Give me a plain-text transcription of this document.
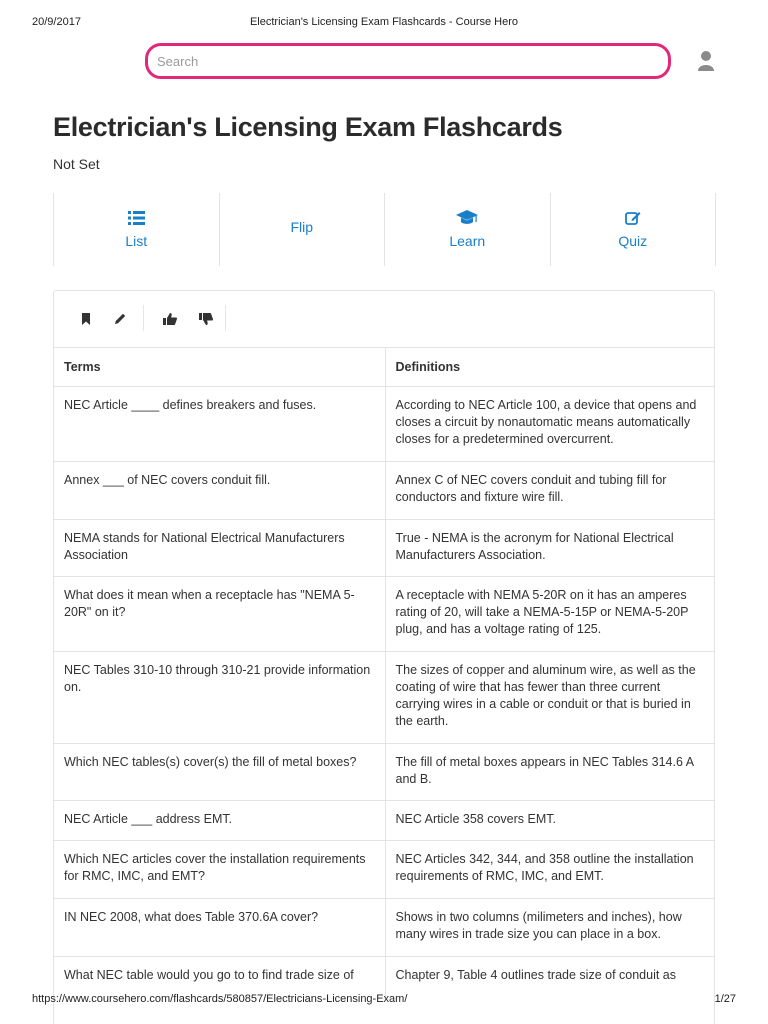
20/9/2017	Electrician's Licensing Exam Flashcards - Course Hero
Search
Electrician's Licensing Exam Flashcards
Not Set
List
Flip
Learn	Quiz
Terms	Definitions
NEC Article ____ defines breakers and fuses.	According to NEC Article 100, a device that opens and closes a circuit by nonautomatic means automatically closes for a predetermined overcurrent.
Annex ___ of NEC covers conduit fill.	Annex C of NEC covers conduit and tubing fill for conductors and fixture wire fill.
NEMA stands for National Electrical Manufacturers Association	True - NEMA is the acronym for National Electrical Manufacturers Association.
What does it mean when a receptacle has "NEMA 5-20R" on it?	A receptacle with NEMA 5-20R on it has an amperes rating of 20, will take a NEMA-5-15P or NEMA-5-20P plug, and has a voltage rating of 125.
NEC Tables 310-10 through 310-21 provide information on.	The sizes of copper and aluminum wire, as well as the coating of wire that has fewer than three current carrying wires in a cable or conduit or that is buried in the earth.
Which NEC tables(s) cover(s) the fill of metal boxes?	The fill of metal boxes appears in NEC Tables 314.6 A and B.
NEC Article ___ address EMT.	NEC Article 358 covers EMT.
Which NEC articles cover the installation requirements for RMC, IMC, and EMT?	NEC Articles 342, 344, and 358 outline the installation requirements of RMC, IMC, and EMT.
IN NEC 2008, what does Table 370.6A cover?	Shows in two columns (milimeters and inches), how many wires in trade size you can place in a box.
What NEC table would you go to to find trade size of	Chapter 9, Table 4 outlines trade size of conduit as
https://www.coursehero.com/flashcards/580857/Electricians-Licensing-Exam/	1/27
